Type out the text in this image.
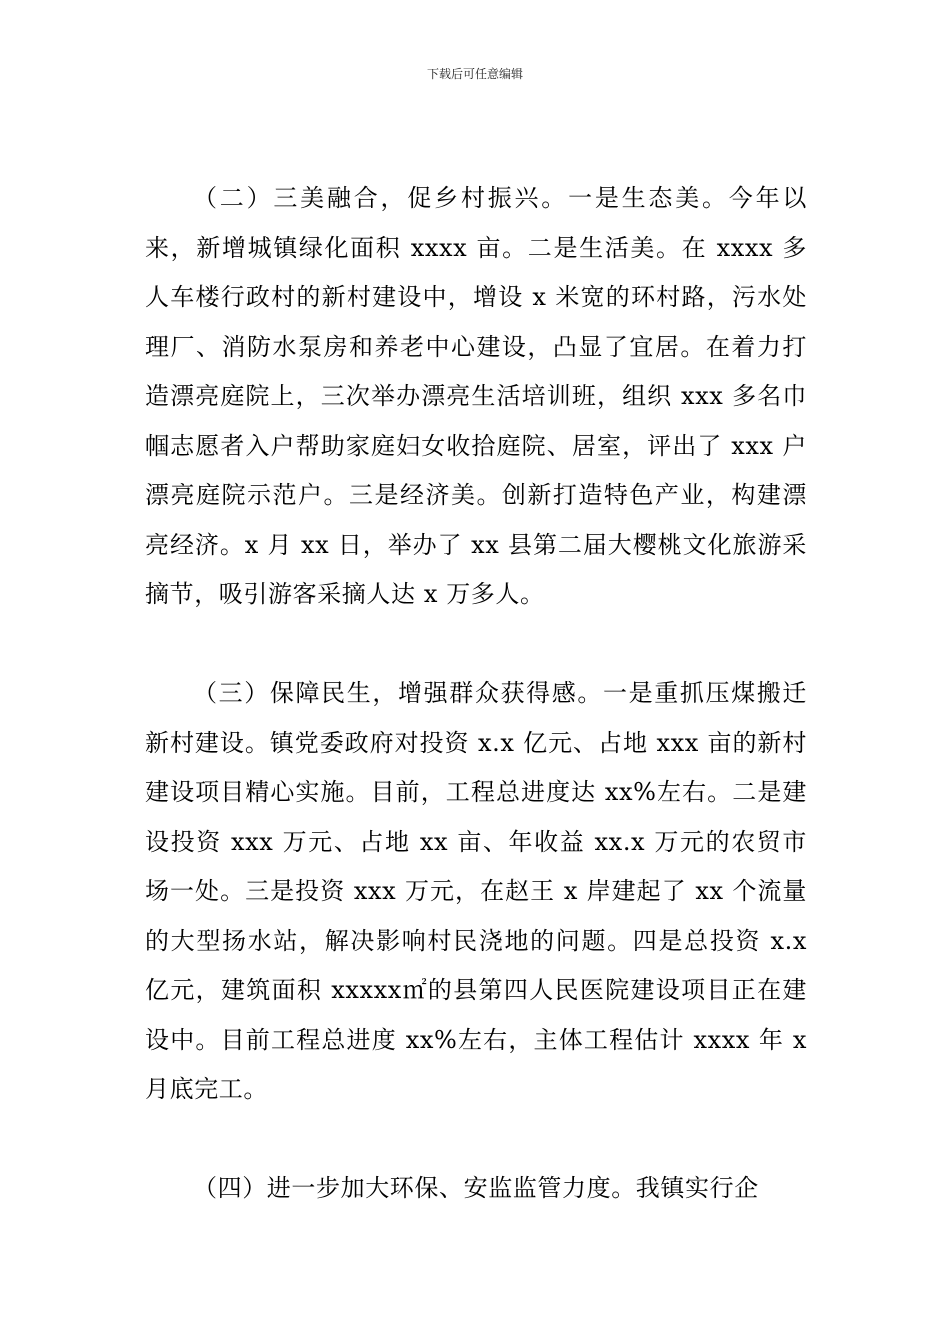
下载后可任意编辑

（二）三美融合，促乡村振兴。一是生态美。今年以来，新增城镇绿化面积 xxxx 亩。二是生活美。在 xxxx 多人车楼行政村的新村建设中，增设 x 米宽的环村路，污水处理厂、消防水泵房和养老中心建设，凸显了宜居。在着力打造漂亮庭院上，三次举办漂亮生活培训班，组织 xxx 多名巾帼志愿者入户帮助家庭妇女收拾庭院、居室，评出了 xxx 户漂亮庭院示范户。三是经济美。创新打造特色产业，构建漂亮经济。x 月 xx 日，举办了 xx 县第二届大樱桃文化旅游采摘节，吸引游客采摘人达 x 万多人。

（三）保障民生，增强群众获得感。一是重抓压煤搬迁新村建设。镇党委政府对投资 x.x 亿元、占地 xxx 亩的新村建设项目精心实施。目前，工程总进度达 xx%左右。二是建设投资 xxx 万元、占地 xx 亩、年收益 xx.x 万元的农贸市场一处。三是投资 xxx 万元，在赵王 x 岸建起了 xx 个流量的大型扬水站，解决影响村民浇地的问题。四是总投资 x.x 亿元，建筑面积 xxxxx㎡的县第四人民医院建设项目正在建设中。目前工程总进度 xx%左右，主体工程估计 xxxx 年 x 月底完工。

（四）进一步加大环保、安监监管力度。我镇实行企
